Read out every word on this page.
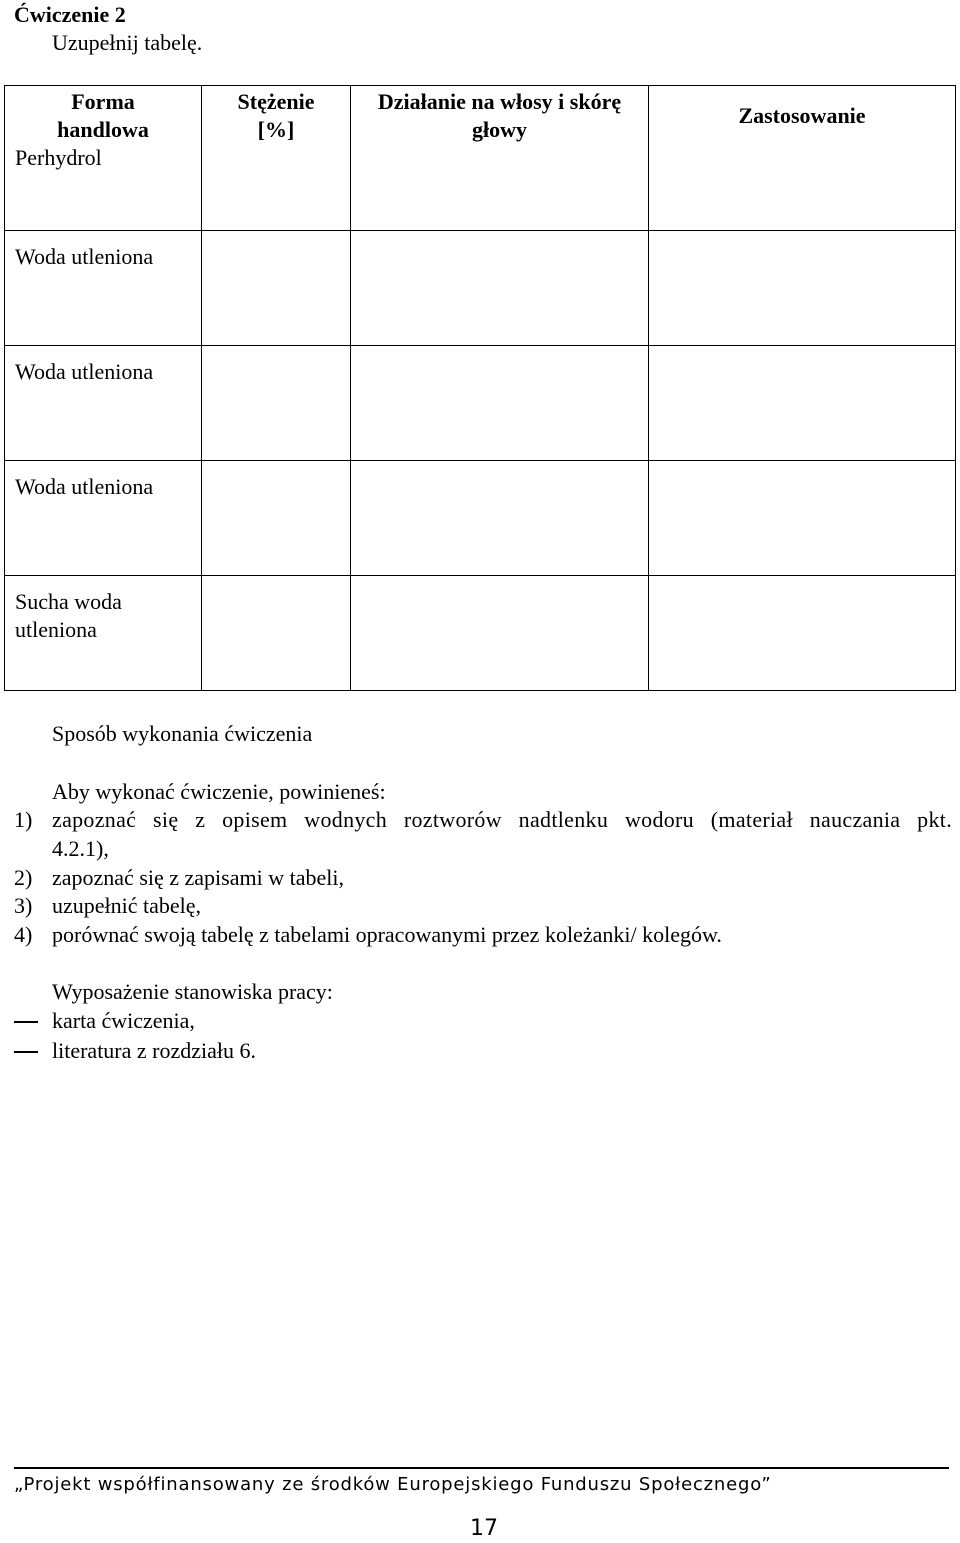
Ćwiczenie 2
Uzupełnij tabelę.
Forma handlowa
Perhydrol	Stężenie [%]	Działanie na włosy i skórę głowy	Zastosowanie

Woda utleniona			

Woda utleniona			

Woda utleniona			

Sucha woda utleniona			

Sposób wykonania ćwiczenia
Aby wykonać ćwiczenie, powinieneś:
1) zapoznać się z opisem wodnych roztworów nadtlenku wodoru (materiał nauczania pkt.
4.2.1),
2) zapoznać się z zapisami w tabeli,
3) uzupełnić tabelę,
4) porównać swoją tabelę z tabelami opracowanymi przez koleżanki/ kolegów.
Wyposażenie stanowiska pracy:
karta ćwiczenia,
literatura z rozdziału 6.
„Projekt współfinansowany ze środków Europejskiego Funduszu Społecznego”
17
